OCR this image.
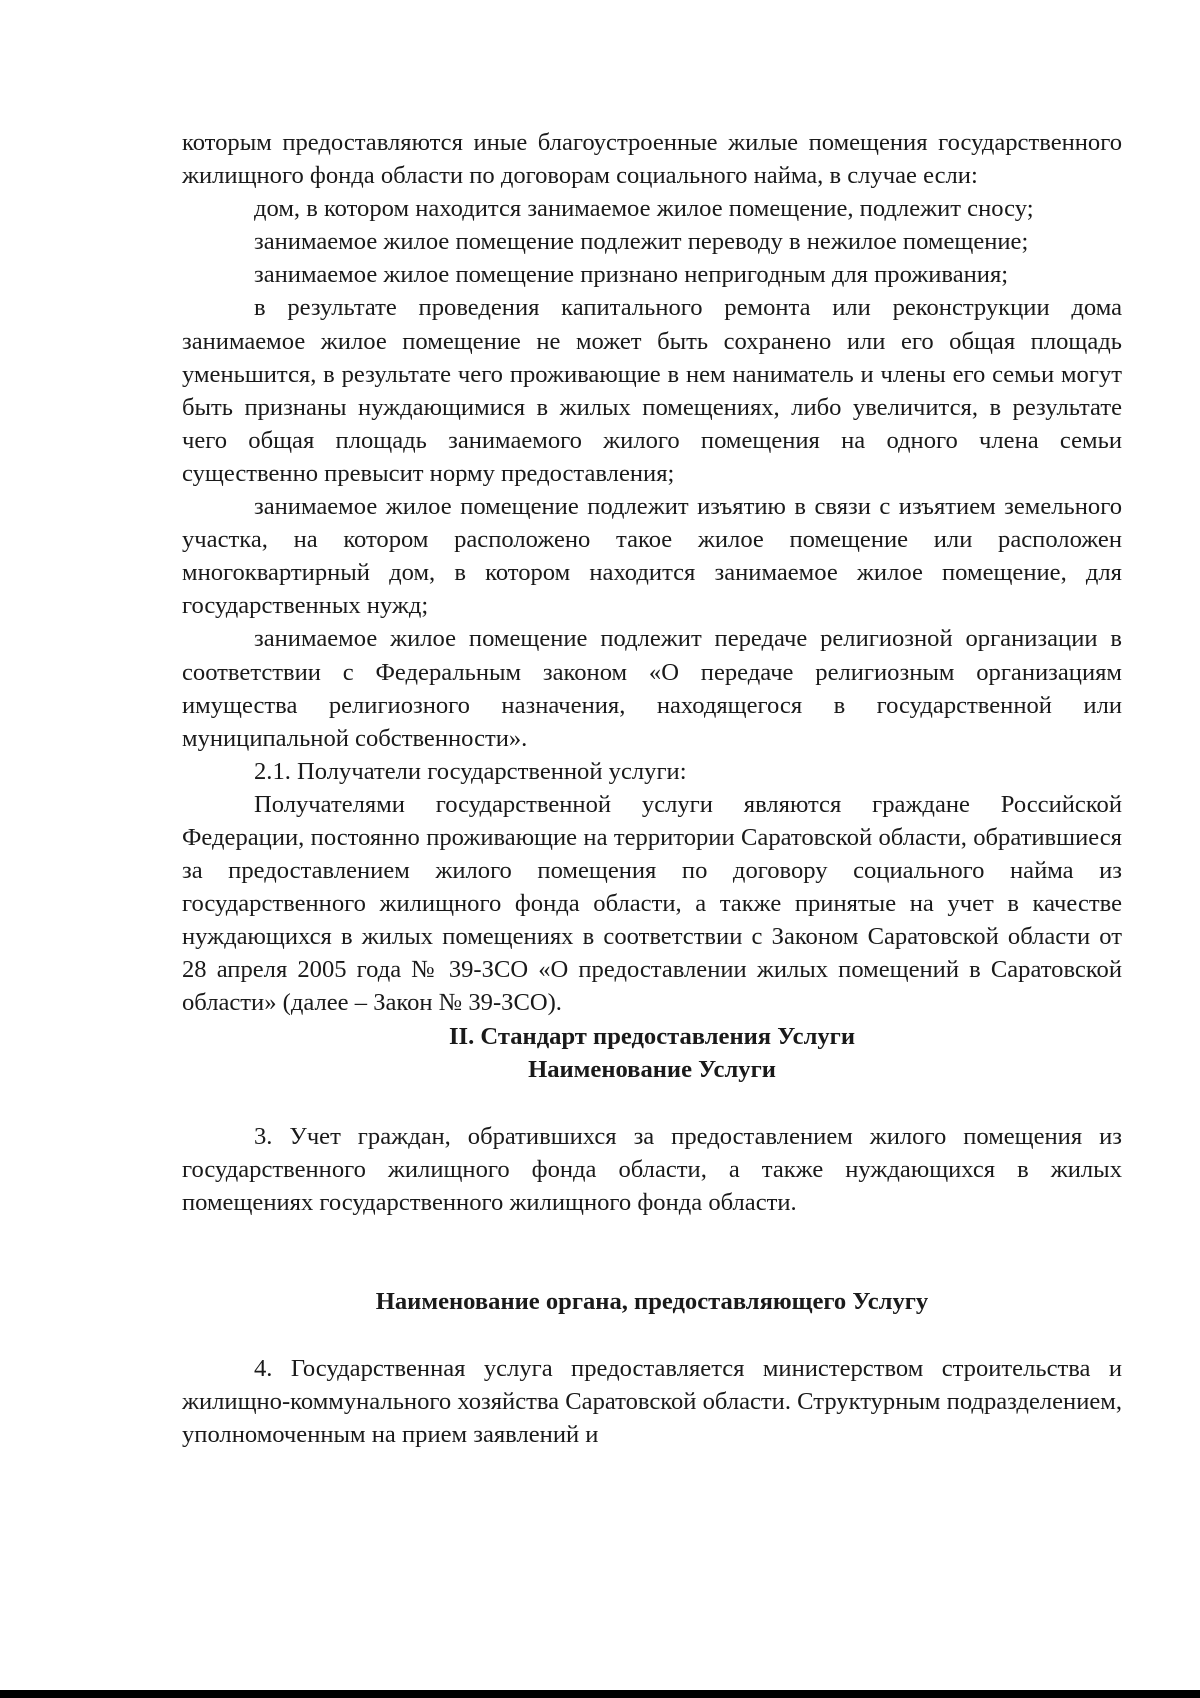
которым предоставляются иные благоустроенные жилые помещения государственного жилищного фонда области по договорам социального найма, в случае если:

дом, в котором находится занимаемое жилое помещение, подлежит сносу;

занимаемое жилое помещение подлежит переводу в нежилое помещение;

занимаемое жилое помещение признано непригодным для проживания;

в результате проведения капитального ремонта или реконструкции дома занимаемое жилое помещение не может быть сохранено или его общая площадь уменьшится, в результате чего проживающие в нем наниматель и члены его семьи могут быть признаны нуждающимися в жилых помещениях, либо увеличится, в результате чего общая площадь занимаемого жилого помещения на одного члена семьи существенно превысит норму предоставления;

занимаемое жилое помещение подлежит изъятию в связи с изъятием земельного участка, на котором расположено такое жилое помещение или расположен многоквартирный дом, в котором находится занимаемое жилое помещение, для государственных нужд;

занимаемое жилое помещение подлежит передаче религиозной организации в соответствии с Федеральным законом «О передаче религиозным организациям имущества религиозного назначения, находящегося в государственной или муниципальной собственности».

2.1. Получатели государственной услуги:

Получателями государственной услуги являются граждане Российской Федерации, постоянно проживающие на территории Саратовской области, обратившиеся за предоставлением жилого помещения по договору социального найма из государственного жилищного фонда области, а также принятые на учет в качестве нуждающихся в жилых помещениях в соответствии с Законом Саратовской области от 28 апреля 2005 года № 39-ЗСО «О предоставлении жилых помещений в Саратовской области» (далее – Закон № 39-ЗСО).

II. Стандарт предоставления Услуги

Наименование Услуги

3. Учет граждан, обратившихся за предоставлением жилого помещения из государственного жилищного фонда области, а также нуждающихся в жилых помещениях государственного жилищного фонда области.

Наименование органа, предоставляющего Услугу

4. Государственная услуга предоставляется министерством строительства и жилищно-коммунального хозяйства Саратовской области. Структурным подразделением, уполномоченным на прием заявлений и
